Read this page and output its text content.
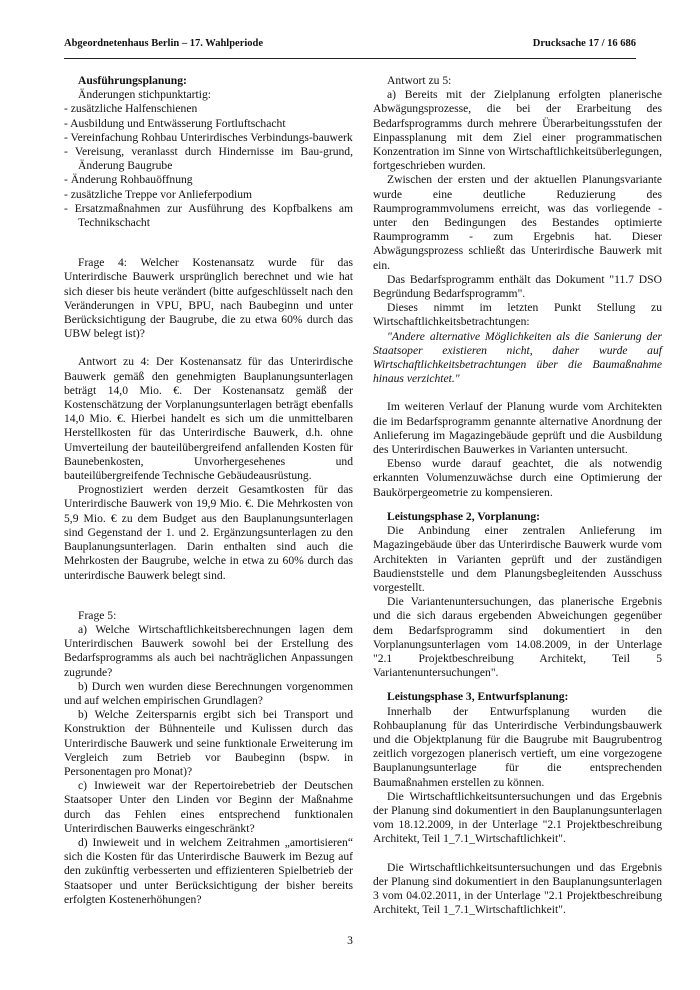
Abgeordnetenhaus Berlin – 17. Wahlperiode	Drucksache 17 / 16 686

Ausführungsplanung:

Änderungen stichpunktartig:

- zusätzliche Halfenschienen

- Ausbildung und Entwässerung Fortluftschacht

- Vereinfachung Rohbau Unterirdisches Verbindungs-bauwerk

- Vereisung, veranlasst durch Hindernisse im Bau-grund, Änderung Baugrube

- Änderung Rohbauöffnung

- zusätzliche Treppe vor Anlieferpodium

- Ersatzmaßnahmen zur Ausführung des Kopfbalkens am Technikschacht

Frage 4: Welcher Kostenansatz wurde für das Unterirdische Bauwerk ursprünglich berechnet und wie hat sich dieser bis heute verändert (bitte aufgeschlüsselt nach den Veränderungen in VPU, BPU, nach Baubeginn und unter Berücksichtigung der Baugrube, die zu etwa 60% durch das UBW belegt ist)?

Antwort zu 4: Der Kostenansatz für das Unterirdische Bauwerk gemäß den genehmigten Bauplanungsunterlagen beträgt 14,0 Mio. €. Der Kostenansatz gemäß der Kostenschätzung der Vorplanungsunterlagen beträgt ebenfalls 14,0 Mio. €. Hierbei handelt es sich um die unmittelbaren Herstellkosten für das Unterirdische Bauwerk, d.h. ohne Umverteilung der bauteilübergreifend anfallenden Kosten für Baunebenkosten, Unvorhergesehenes und bauteilübergreifende Technische Gebäudeausrüstung.

Prognostiziert werden derzeit Gesamtkosten für das Unterirdische Bauwerk von 19,9 Mio. €. Die Mehrkosten von 5,9 Mio. € zu dem Budget aus den Bauplanungsunterlagen sind Gegenstand der 1. und 2. Ergänzungsunterlagen zu den Bauplanungsunterlagen. Darin enthalten sind auch die Mehrkosten der Baugrube, welche in etwa zu 60% durch das unterirdische Bauwerk belegt sind.

Frage 5:

a) Welche Wirtschaftlichkeitsberechnungen lagen dem Unterirdischen Bauwerk sowohl bei der Erstellung des Bedarfsprogramms als auch bei nachträglichen Anpassungen zugrunde?

b) Durch wen wurden diese Berechnungen vorgenommen und auf welchen empirischen Grundlagen?

b) Welche Zeitersparnis ergibt sich bei Transport und Konstruktion der Bühnenteile und Kulissen durch das Unterirdische Bauwerk und seine funktionale Erweiterung im Vergleich zum Betrieb vor Baubeginn (bspw. in Personentagen pro Monat)?

c) Inwieweit war der Repertoirebetrieb der Deutschen Staatsoper Unter den Linden vor Beginn der Maßnahme durch das Fehlen eines entsprechend funktionalen Unterirdischen Bauwerks eingeschränkt?

d) Inwieweit und in welchem Zeitrahmen „amortisieren“ sich die Kosten für das Unterirdische Bauwerk im Bezug auf den zukünftig verbesserten und effizienteren Spielbetrieb der Staatsoper und unter Berücksichtigung der bisher bereits erfolgten Kostenerhöhungen?

Antwort zu 5:

a) Bereits mit der Zielplanung erfolgten planerische Abwägungsprozesse, die bei der Erarbeitung des Bedarfsprogramms durch mehrere Überarbeitungsstufen der Einpassplanung mit dem Ziel einer programmatischen Konzentration im Sinne von Wirtschaftlichkeitsüberlegungen, fortgeschrieben wurden.

Zwischen der ersten und der aktuellen Planungsvariante wurde eine deutliche Reduzierung des Raumprogrammvolumens erreicht, was das vorliegende - unter den Bedingungen des Bestandes optimierte Raumprogramm - zum Ergebnis hat. Dieser Abwägungsprozess schließt das Unterirdische Bauwerk mit ein.

Das Bedarfsprogramm enthält das Dokument "11.7 DSO Begründung Bedarfsprogramm".

Dieses nimmt im letzten Punkt Stellung zu Wirtschaftlichkeitsbetrachtungen:

"Andere alternative Möglichkeiten als die Sanierung der Staatsoper existieren nicht, daher wurde auf Wirtschaftlichkeitsbetrachtungen über die Baumaßnahme hinaus verzichtet."

Im weiteren Verlauf der Planung wurde vom Architekten die im Bedarfsprogramm genannte alternative Anordnung der Anlieferung im Magazingebäude geprüft und die Ausbildung des Unterirdischen Bauwerkes in Varianten untersucht.

Ebenso wurde darauf geachtet, die als notwendig erkannten Volumenzuwächse durch eine Optimierung der Baukörpergeometrie zu kompensieren.

Leistungsphase 2, Vorplanung:

Die Anbindung einer zentralen Anlieferung im Magazingebäude über das Unterirdische Bauwerk wurde vom Architekten in Varianten geprüft und der zuständigen Baudienststelle und dem Planungsbegleitenden Ausschuss vorgestellt.

Die Variantenuntersuchungen, das planerische Ergebnis und die sich daraus ergebenden Abweichungen gegenüber dem Bedarfsprogramm sind dokumentiert in den Vorplanungsunterlagen vom 14.08.2009, in der Unterlage "2.1 Projektbeschreibung Architekt, Teil 5 Variantenuntersuchungen".

Leistungsphase 3, Entwurfsplanung:

Innerhalb der Entwurfsplanung wurden die Rohbauplanung für das Unterirdische Verbindungsbauwerk und die Objektplanung für die Baugrube mit Baugrubentrog zeitlich vorgezogen planerisch vertieft, um eine vorgezogene Bauplanungsunterlage für die entsprechenden Baumaßnahmen erstellen zu können.

Die Wirtschaftlichkeitsuntersuchungen und das Ergebnis der Planung sind dokumentiert in den Bauplanungsunterlagen vom 18.12.2009, in der Unterlage "2.1 Projektbeschreibung Architekt, Teil 1_7.1_Wirtschaftlichkeit".

Die Wirtschaftlichkeitsuntersuchungen und das Ergebnis der Planung sind dokumentiert in den Bauplanungsunterlagen 3 vom 04.02.2011, in der Unterlage "2.1 Projektbeschreibung Architekt, Teil 1_7.1_Wirtschaftlichkeit".

3
